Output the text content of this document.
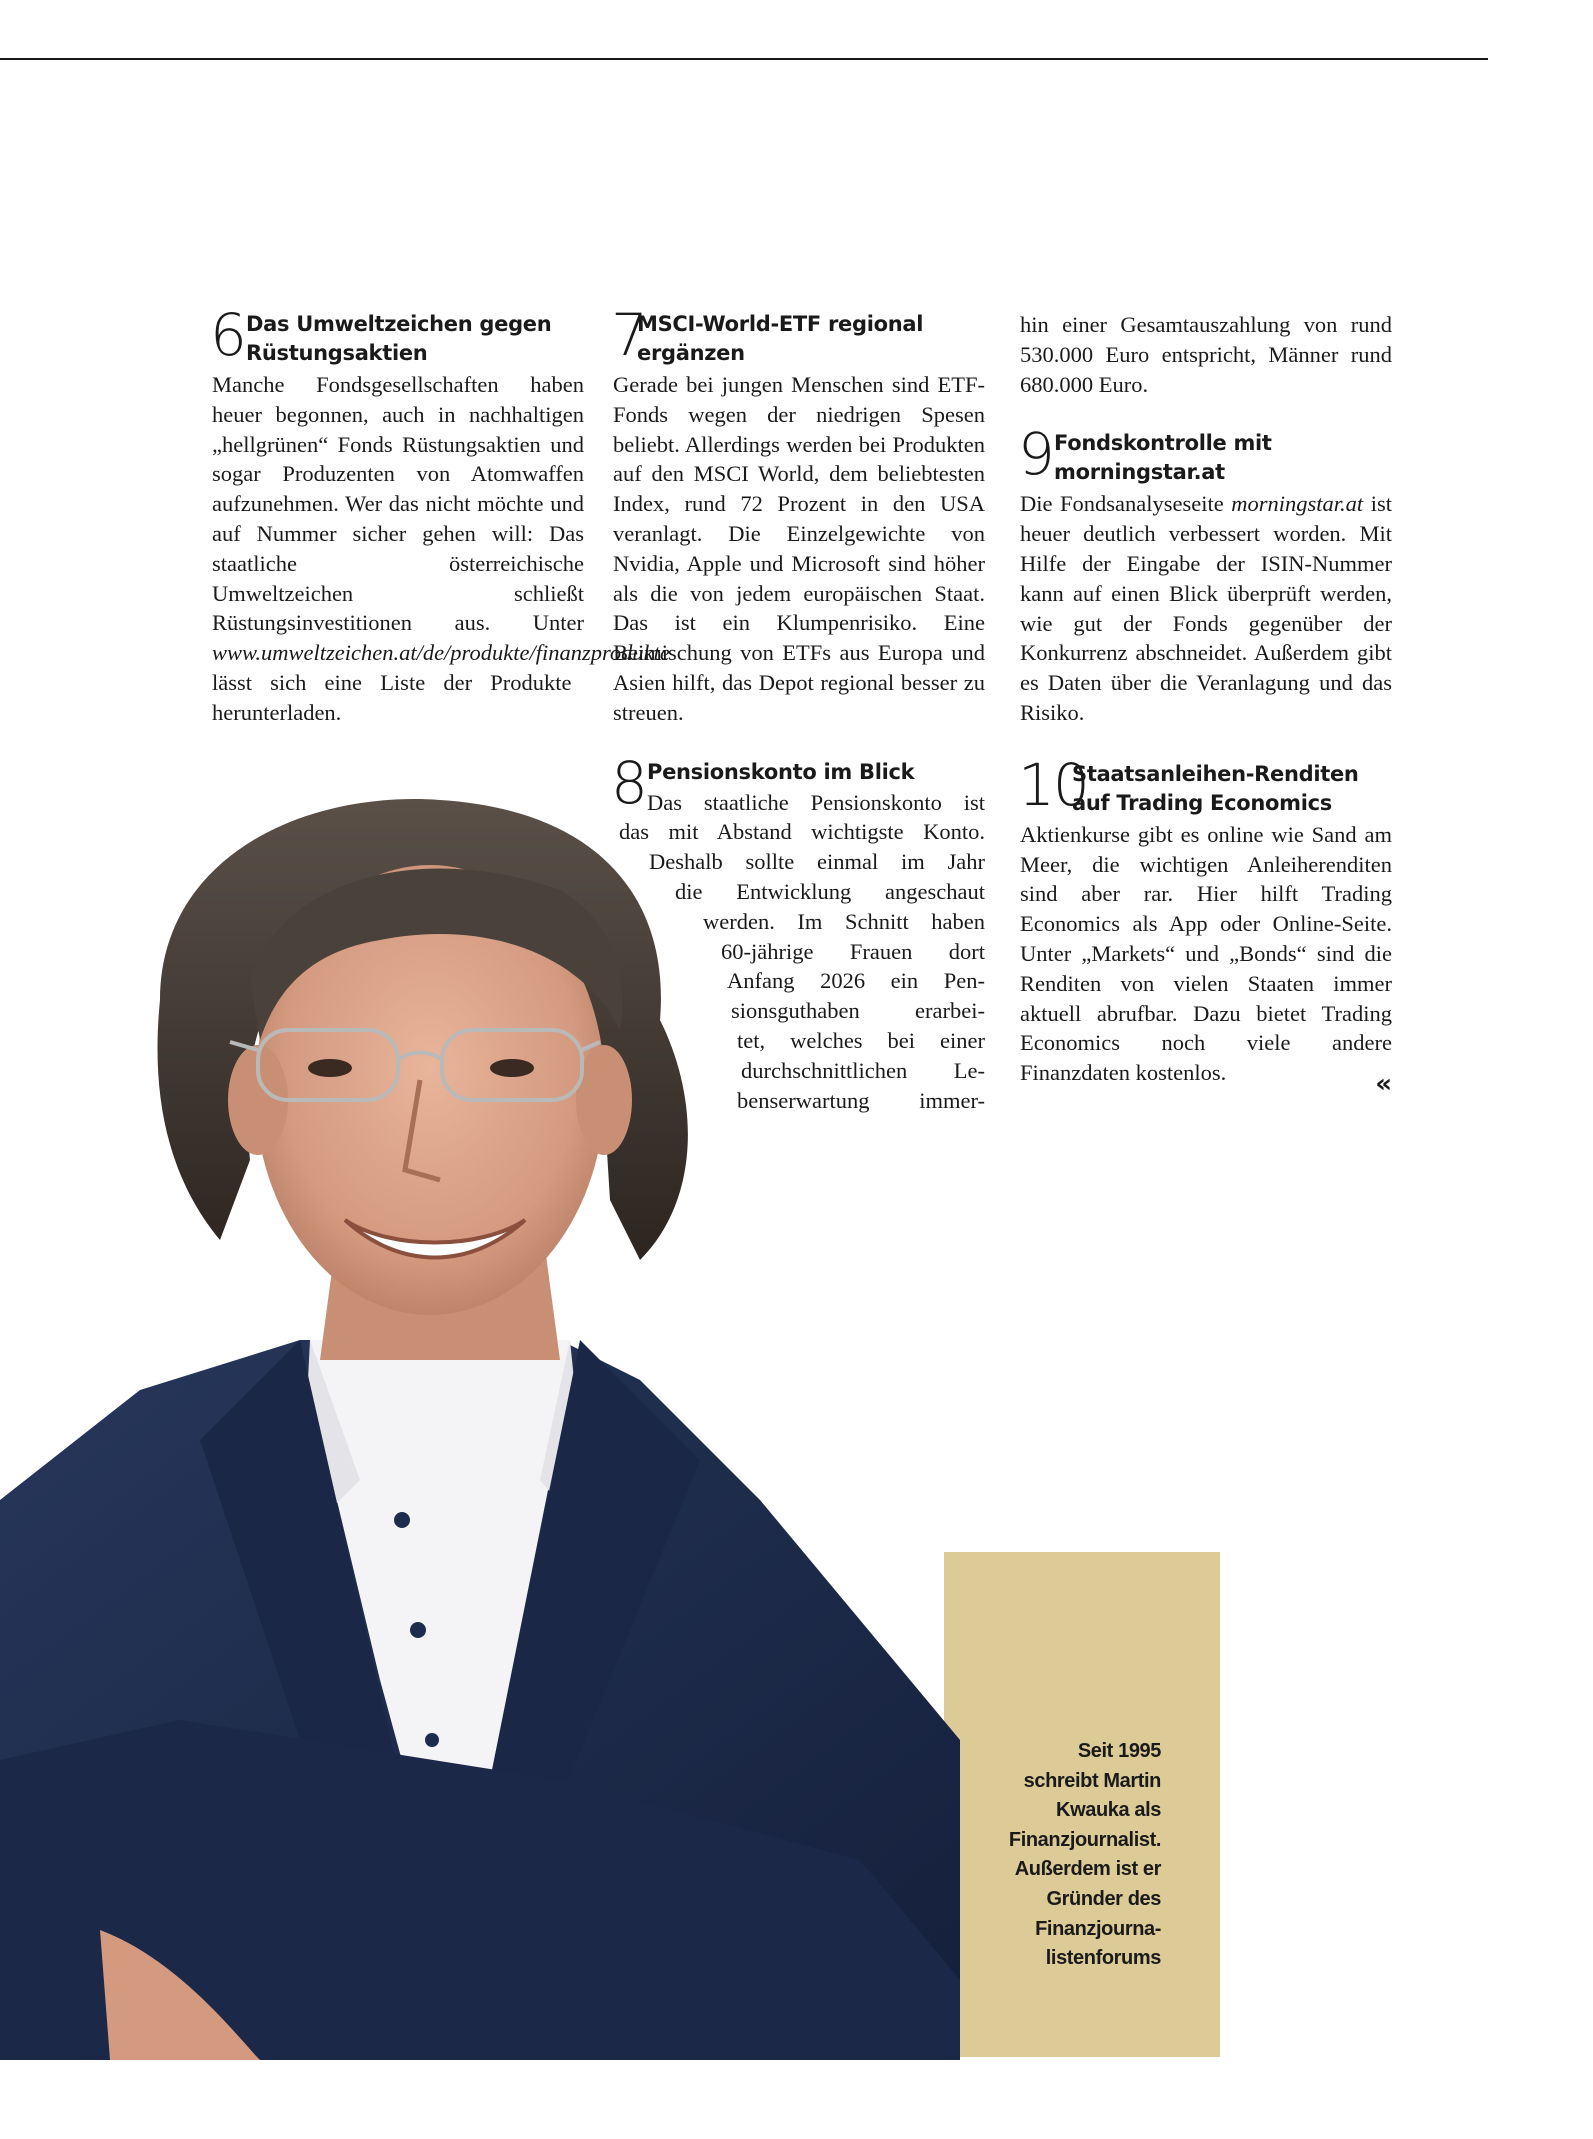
6 Das Umweltzeichen gegen
Rüstungsaktien

Manche Fondsgesellschaften haben heuer begonnen, auch in nachhaltigen „hellgrünen“ Fonds Rüstungsaktien und sogar Produzenten von Atomwaffen aufzunehmen. Wer das nicht möchte und auf Nummer sicher gehen will: Das staatliche österreichische Umweltzeichen schließt Rüstungsinvestitionen aus. Unter www.umweltzeichen.at/de/produkte/finanzprodukte lässt sich eine Liste der Produkte herunterladen.

7
MSCI-World-ETF regional
ergänzen

Gerade bei jungen Menschen sind ETF-Fonds wegen der niedrigen Spesen beliebt. Allerdings werden bei Produkten auf den MSCI World, dem beliebtesten Index, rund 72 Prozent in den USA veranlagt. Die Einzelgewichte von Nvidia, Apple und Microsoft sind höher als die von jedem europäischen Staat. Das ist ein Klumpenrisiko. Eine Beimischung von ETFs aus Europa und Asien hilft, das Depot regional besser zu streuen.

8 Pensionskonto im Blick
Das staatliche Pensionskonto ist
das mit Abstand wichtigste Konto.
Deshalb sollte einmal im Jahr
die Entwicklung angeschaut
werden. Im Schnitt haben
60-jährige Frauen dort
Anfang 2026 ein Pen-
sionsguthaben erarbei-
tet, welches bei einer
durchschnittlichen Le-
benserwartung immer-

hin einer Gesamtauszahlung von rund 530.000 Euro entspricht, Männer rund 680.000 Euro.

9 Fondskontrolle mit
morningstar.at

Die Fondsanalyseseite morningstar.at ist heuer deutlich verbessert worden. Mit Hilfe der Eingabe der ISIN-Nummer kann auf einen Blick überprüft werden, wie gut der Fonds gegenüber der Konkurrenz abschneidet. Außerdem gibt es Daten über die Veranlagung und das Risiko.

10
Staatsanleihen-Renditen
auf Trading Economics

Aktienkurse gibt es online wie Sand am Meer, die wichtigen Anleiherenditen sind aber rar. Hier hilft Trading Economics als App oder Online-Seite. Unter „Markets“ und „Bonds“ sind die Renditen von vielen Staaten immer aktuell abrufbar. Dazu bietet Trading Economics noch viele andere Finanzdaten kostenlos.	«
Seit 1995
schreibt Martin
Kwauka als
Finanzjournalist.
Außerdem ist er
Gründer des
Finanzjourna-
listenforums
